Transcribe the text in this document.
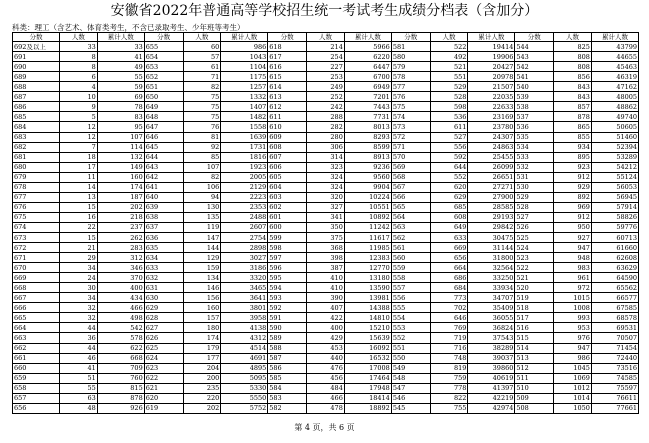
安徽省2022年普通高等学校招生统一考试考生成绩分档表（含加分）
科类：理工（含艺术、体育类考生，不含已录取考生、少年班等考生）
分数	人数	累计人数	分数	人数	累计人数	分数	人数	累计人数	分数	人数	累计人数	分数	人数	累计人数
692及以上	33	33	655	60	986	618	214	5966	581	522	19414	544	825	43799
691	8	41	654	57	1043	617	254	6220	580	492	19906	543	808	44655
690	8	49	653	61	1104	616	227	6447	579	521	20427	542	808	45463
689	6	55	652	71	1175	615	253	6700	578	551	20978	541	856	46319
688	4	59	651	82	1257	614	249	6949	577	529	21507	540	843	47162
687	10	69	650	75	1332	613	252	7201	576	528	22035	539	843	48005
686	9	78	649	75	1407	612	242	7443	575	598	22633	538	857	48862
685	5	83	648	75	1482	611	288	7731	574	536	23169	537	878	49740
684	12	95	647	76	1558	610	282	8013	573	611	23780	536	865	50605
683	12	107	646	81	1639	609	280	8293	572	527	24307	535	855	51460
682	7	114	645	92	1731	608	306	8599	571	556	24863	534	934	52394
681	18	132	644	85	1816	607	314	8913	570	592	25455	533	895	53289
680	17	149	643	107	1923	606	323	9236	569	644	26099	532	923	54212
679	11	160	642	82	2005	605	324	9560	568	552	26651	531	912	55124
678	14	174	641	106	2129	604	324	9904	567	620	27271	530	929	56053
677	13	187	640	94	2223	603	320	10224	566	629	27900	529	892	56945
676	15	202	639	130	2353	602	327	10551	565	685	28585	528	969	57914
675	16	218	638	135	2488	601	341	10892	564	608	29193	527	912	58826
674	22	237	637	119	2607	600	350	11242	563	649	29842	526	950	59776
673	15	262	636	147	2754	599	375	11617	562	633	30475	525	927	60713
672	21	283	635	144	2898	598	368	11985	561	669	31144	524	947	61660
671	29	312	634	129	3027	597	398	12383	560	656	31800	523	948	62608
670	34	346	633	159	3186	596	387	12770	559	664	32564	522	983	63629
669	24	370	632	134	3320	595	410	13180	558	686	33250	521	961	64590
668	30	400	631	146	3465	594	410	13590	557	684	33934	520	972	65562
667	34	434	630	156	3641	593	390	13981	556	773	34707	519	1015	66577
666	32	466	629	160	3801	592	407	14388	555	702	35409	518	1008	67585
665	32	498	628	157	3958	591	422	14810	554	646	36055	517	993	68578
664	44	542	627	180	4138	590	400	15210	553	769	36824	516	953	69531
663	36	578	626	174	4312	589	429	15639	552	719	37543	515	976	70507
662	44	622	625	179	4514	588	453	16092	551	716	38289	514	947	71454
661	46	668	624	177	4691	587	440	16532	550	748	39037	513	986	72440
660	41	709	623	204	4895	586	476	17008	549	819	39860	512	1045	73516
659	51	760	622	200	5095	585	456	17464	548	759	40619	511	1069	74585
658	55	815	621	235	5330	584	484	17948	547	778	41397	510	1012	75597
657	63	878	620	220	5550	583	466	18414	546	822	42219	509	1014	76611
656	48	926	619	202	5752	582	478	18892	545	755	42974	508	1050	77661
第 4 页，共 6 页
